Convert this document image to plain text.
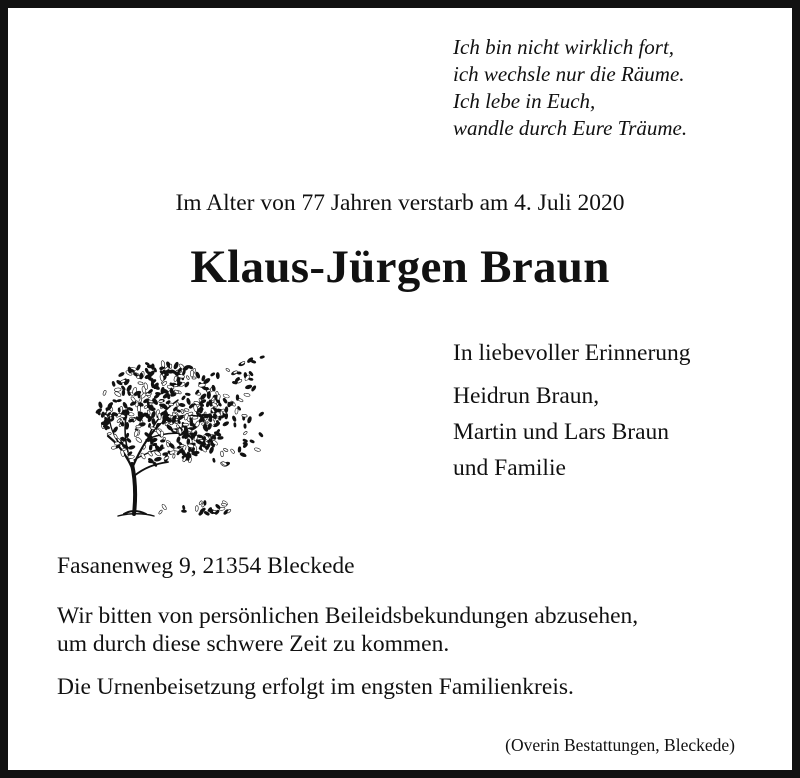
Ich bin nicht wirklich fort,
ich wechsle nur die Räume.
Ich lebe in Euch,
wandle durch Eure Träume.
Im Alter von 77 Jahren verstarb am 4. Juli 2020
Klaus-Jürgen Braun
In liebevoller Erinnerung
Heidrun Braun,
Martin und Lars Braun
und Familie
Fasanenweg 9, 21354 Bleckede
Wir bitten von persönlichen Beileidsbekundungen abzusehen,
um durch diese schwere Zeit zu kommen.
Die Urnenbeisetzung erfolgt im engsten Familienkreis.
(Overin Bestattungen, Bleckede)
